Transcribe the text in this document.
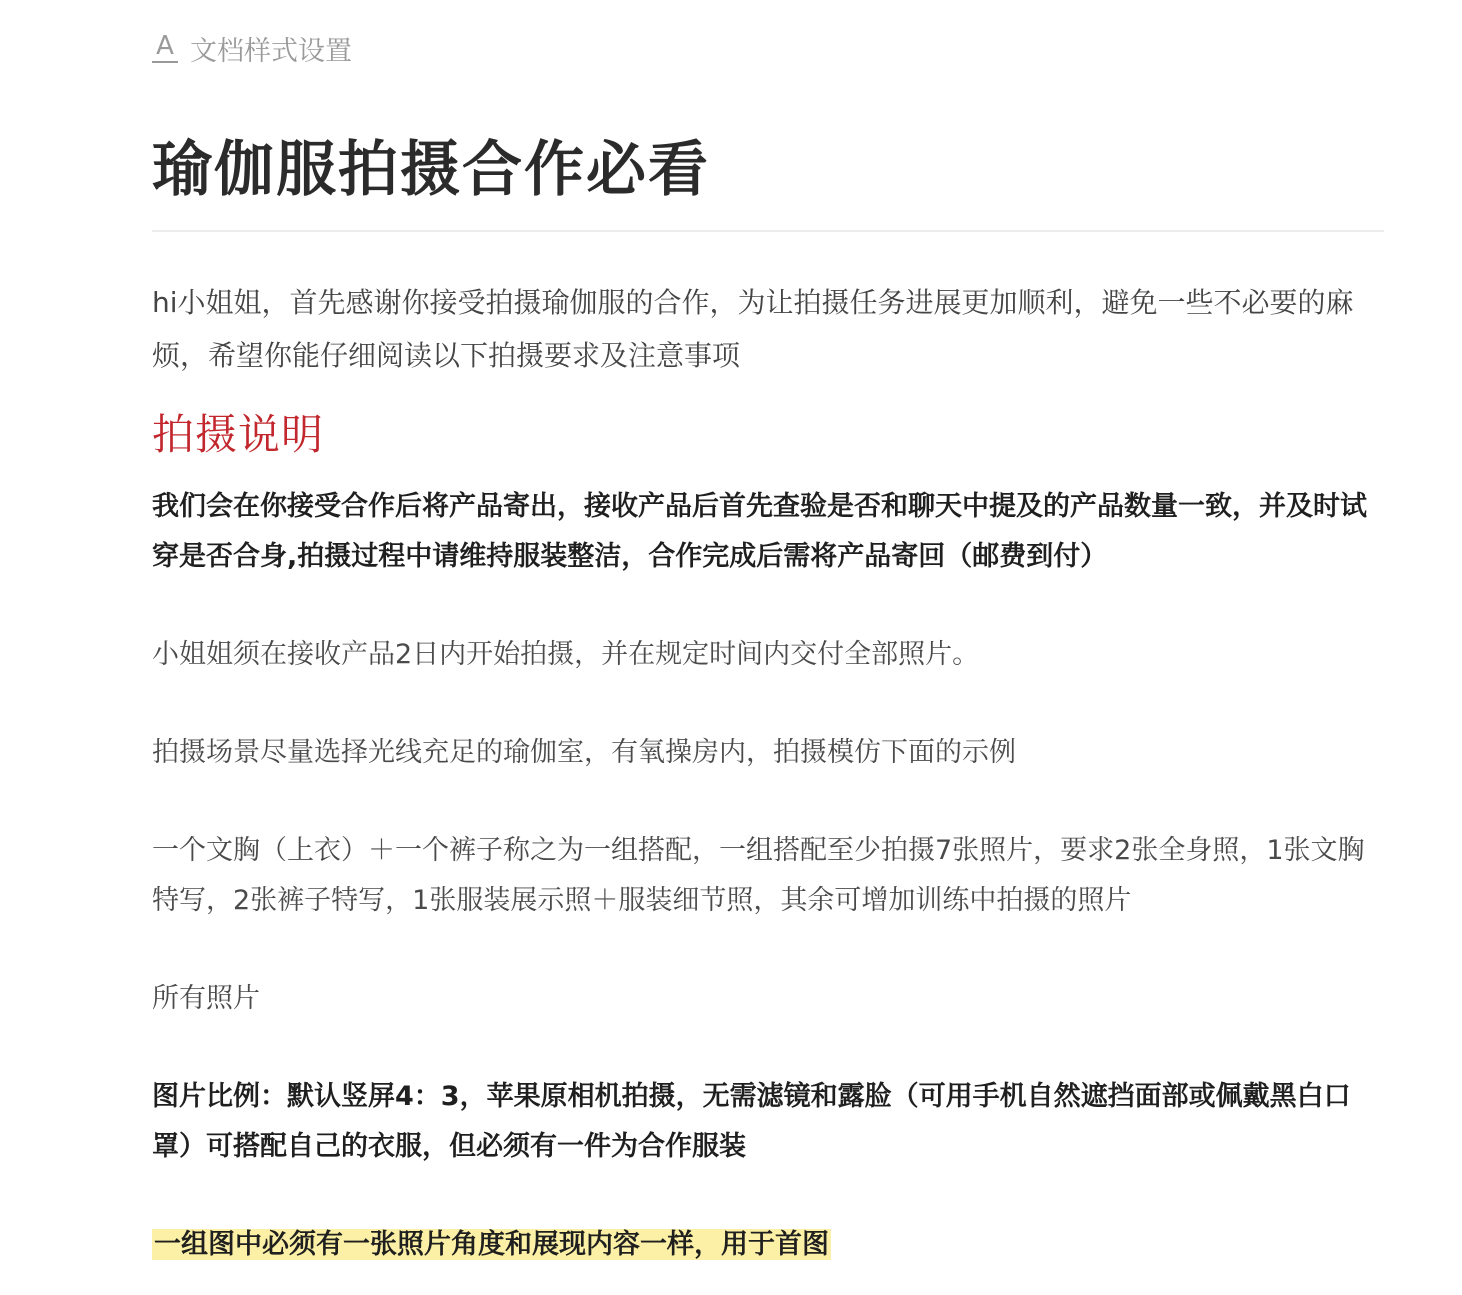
A 文档样式设置
瑜伽服拍摄合作必看

hi小姐姐，首先感谢你接受拍摄瑜伽服的合作，为让拍摄任务进展更加顺利，避免一些不必要的麻烦，希望你能仔细阅读以下拍摄要求及注意事项

拍摄说明

我们会在你接受合作后将产品寄出，接收产品后首先查验是否和聊天中提及的产品数量一致，并及时试穿是否合身,拍摄过程中请维持服装整洁，合作完成后需将产品寄回（邮费到付）

小姐姐须在接收产品2日内开始拍摄，并在规定时间内交付全部照片。

拍摄场景尽量选择光线充足的瑜伽室，有氧操房内，拍摄模仿下面的示例

一个文胸（上衣）＋一个裤子称之为一组搭配，一组搭配至少拍摄7张照片，要求2张全身照，1张文胸特写，2张裤子特写，1张服装展示照＋服装细节照，其余可增加训练中拍摄的照片

所有照片

图片比例：默认竖屏4：3，苹果原相机拍摄，无需滤镜和露脸（可用手机自然遮挡面部或佩戴黑白口罩）可搭配自己的衣服，但必须有一件为合作服装

一组图中必须有一张照片角度和展现内容一样，用于首图
